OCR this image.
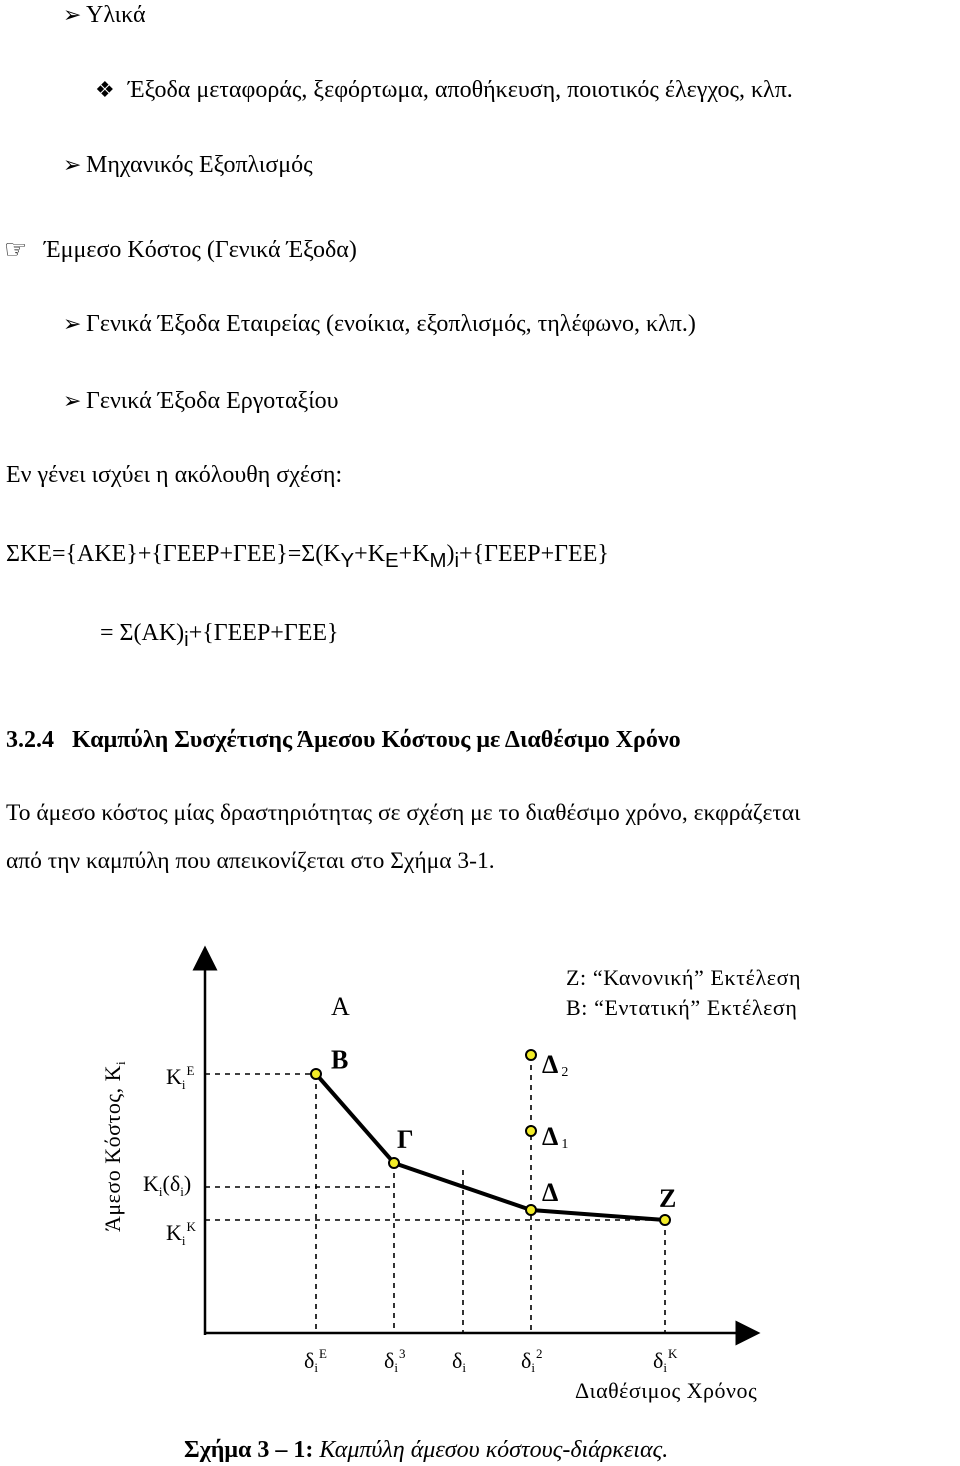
➢ Υλικά
❖ Έξοδα μεταφοράς, ξεφόρτωμα, αποθήκευση, ποιοτικός έλεγχος, κλπ.
➢ Μηχανικός Εξοπλισμός
☞ Έμμεσο Κόστος (Γενικά Έξοδα)
➢ Γενικά Έξοδα Εταιρείας (ενοίκια, εξοπλισμός, τηλέφωνο, κλπ.)
➢ Γενικά Έξοδα Εργοταξίου
Εν γένει ισχύει η ακόλουθη σχέση:
$\Sigma KE=\{AKE\}+\{\Gamma EEP+\Gamma EE\}=\Sigma(K_\Upsilon+K_E+K_M)_i+\{\Gamma EEP+\Gamma EE\}$
= $\Sigma(AK)_i+\{\Gamma EEP+\Gamma EE\}$
3.2.4 Καμπύλη Συσχέτισης Άμεσου Κόστους με Διαθέσιμο Χρόνο
Το άμεσο κόστος μίας δραστηριότητας σε σχέση με το διαθέσιμο χρόνο, εκφράζεται
από την καμπύλη που απεικονίζεται στο Σχήμα 3-1.
Α
Β
Γ
Δ	Ζ
Δ 2
Δ 1
$K_i^E$
$K_i(\delta_i)$
$K_i^K$
$\delta i^E$	$\delta i^3$ δi	$\delta i^2$	$\delta i^K$
Διαθέσιμος Χρόνος
Άμεσο Κόστος, $K_i$
Ζ: “Κανονική” Εκτέλεση
Β: “Εντατική” Εκτέλεση
Σχήμα 3 – 1: Καμπύλη άμεσου κόστους-διάρκειας.
